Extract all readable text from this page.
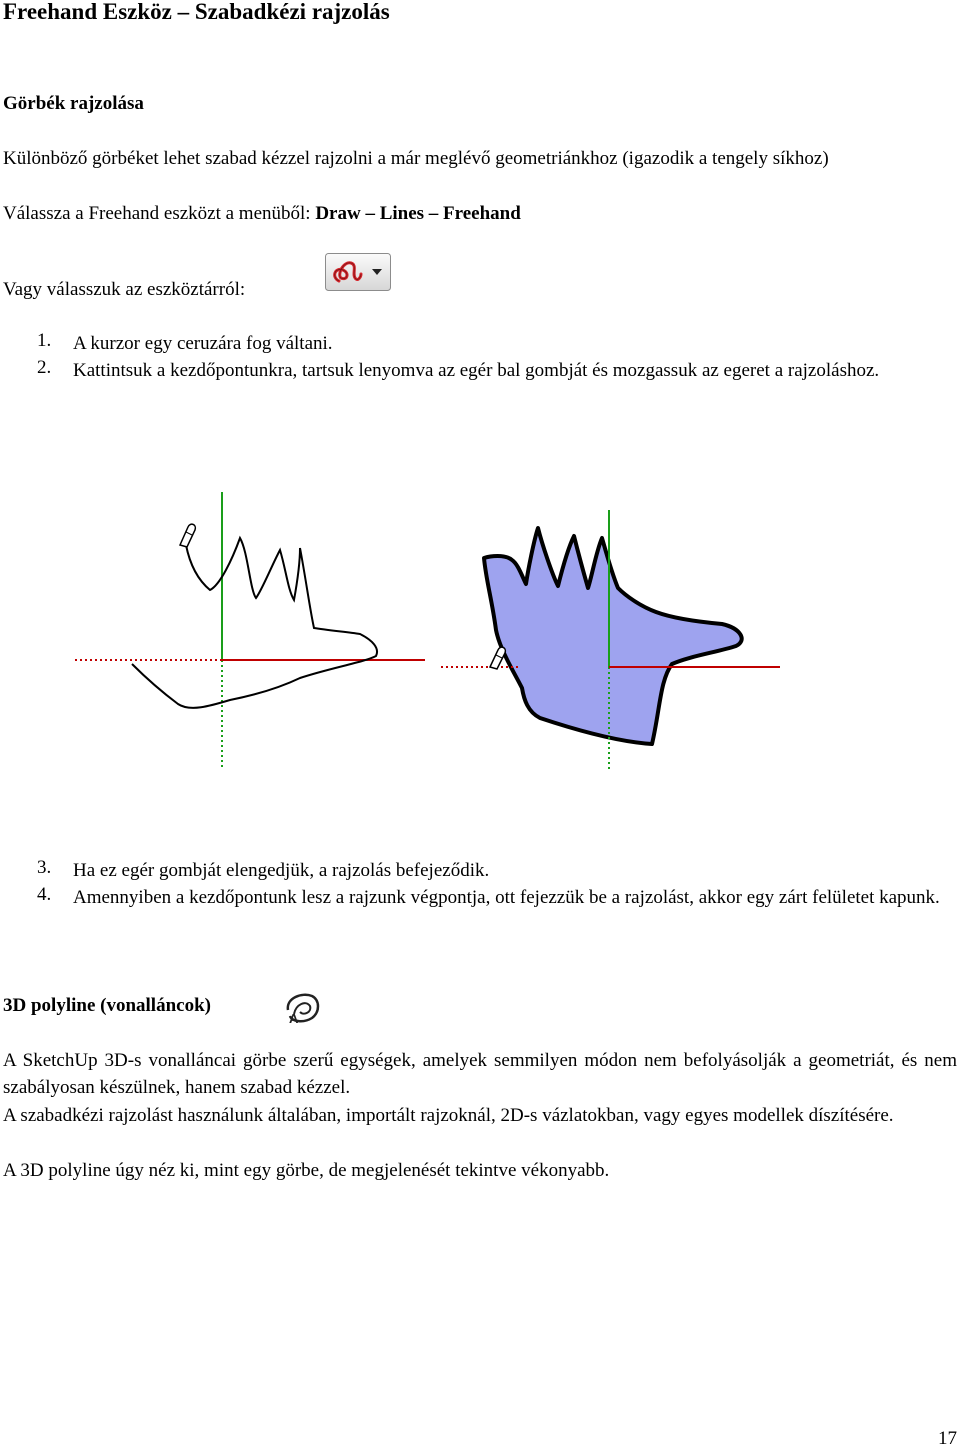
Freehand Eszköz – Szabadkézi rajzolás
Görbék rajzolása
Különböző görbéket lehet szabad kézzel rajzolni a már meglévő geometriánkhoz (igazodik a tengely síkhoz)
Válassza a Freehand eszközt a menüből: Draw – Lines – Freehand
Vagy válasszuk az eszköztárról:
1. A kurzor egy ceruzára fog váltani.
2. Kattintsuk a kezdőpontunkra, tartsuk lenyomva az egér bal gombját és mozgassuk az egeret a rajzoláshoz.
3. Ha ez egér gombját elengedjük, a rajzolás befejeződik.
4. Amennyiben a kezdőpontunk lesz a rajzunk végpontja, ott fejezzük be a rajzolást, akkor egy zárt felületet kapunk.
3D polyline (vonalláncok)
A
A SketchUp 3D-s vonalláncai görbe szerű egységek, amelyek semmilyen módon nem befolyásolják a geometriát, és nem szabályosan készülnek, hanem szabad kézzel.
A szabadkézi rajzolást használunk általában, importált rajzoknál, 2D-s vázlatokban, vagy egyes modellek díszítésére.
A 3D polyline úgy néz ki, mint egy görbe, de megjelenését tekintve vékonyabb.
17
